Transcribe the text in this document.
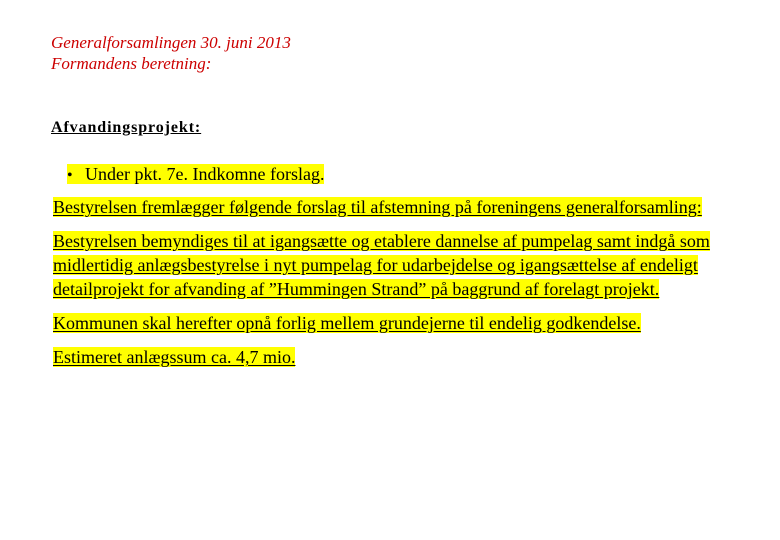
Generalforsamlingen 30. juni 2013
Formandens beretning:
Afvandingsprojekt:
• Under pkt. 7e. Indkomne forslag.
Bestyrelsen fremlægger følgende forslag til afstemning på foreningens generalforsamling:
Bestyrelsen bemyndiges til at igangsætte og etablere dannelse af pumpelag samt indgå som
midlertidig anlægsbestyrelse i nyt pumpelag for udarbejdelse og igangsættelse af endeligt
detailprojekt for afvanding af ”Hummingen Strand” på baggrund af forelagt projekt.
Kommunen skal herefter opnå forlig mellem grundejerne til endelig godkendelse.
Estimeret anlægssum ca. 4,7 mio.
